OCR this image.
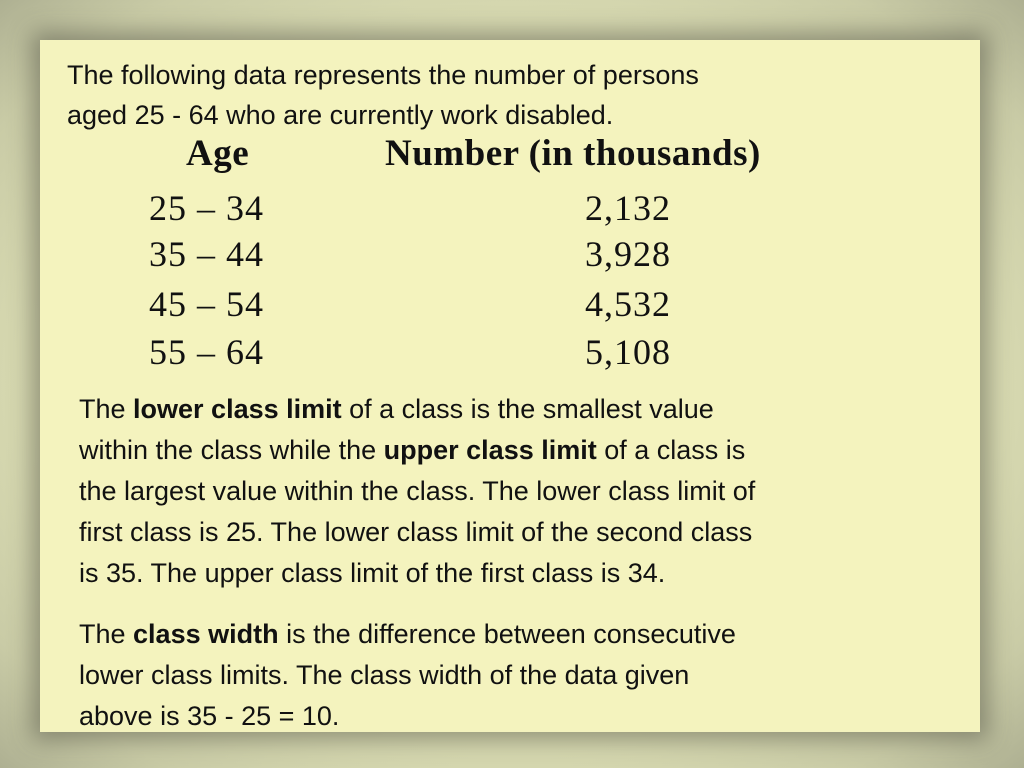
The following data represents the number of persons
aged 25 - 64 who are currently work disabled.

Age	Number (in thousands)
25 – 34	2,132
35 – 44	3,928
45 – 54	4,532
55 – 64	5,108

The lower class limit of a class is the smallest value
within the class while the upper class limit of a class is
the largest value within the class. The lower class limit of
first class is 25. The lower class limit of the second class
is 35. The upper class limit of the first class is 34.

The class width is the difference between consecutive
lower class limits. The class width of the data given
above is 35 - 25 = 10.
